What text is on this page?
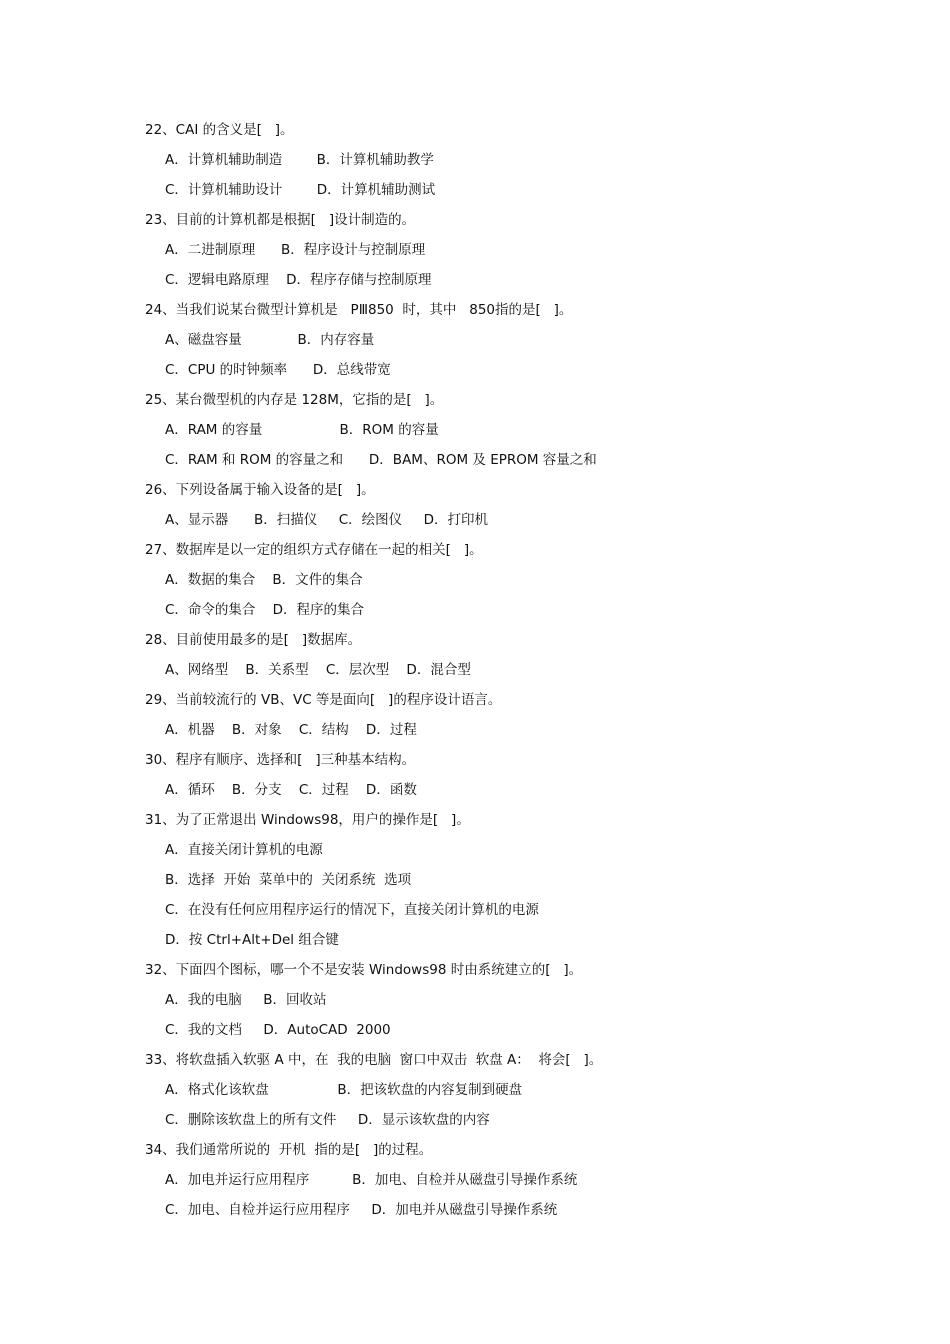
22、CAI 的含义是[   ]。
A．计算机辅助制造        B．计算机辅助教学
C．计算机辅助设计        D．计算机辅助测试
23、目前的计算机都是根据[   ]设计制造的。
A．二进制原理      B．程序设计与控制原理
C．逻辑电路原理    D．程序存储与控制原理
24、当我们说某台微型计算机是   PⅢ850  时，其中   850指的是[   ]。
A、磁盘容量             B．内存容量
C．CPU 的时钟频率      D．总线带宽
25、某台微型机的内存是 128M，它指的是[   ]。
A．RAM 的容量                  B．ROM 的容量
C．RAM 和 ROM 的容量之和      D．BAM、ROM 及 EPROM 容量之和
26、下列设备属于输入设备的是[   ]。
A、显示器      B．扫描仪     C．绘图仪     D．打印机
27、数据库是以一定的组织方式存储在一起的相关[   ]。
A．数据的集合    B．文件的集合
C．命令的集合    D．程序的集合
28、目前使用最多的是[   ]数据库。
A、网络型    B．关系型    C．层次型    D．混合型
29、当前较流行的 VB、VC 等是面向[   ]的程序设计语言。
A．机器    B．对象    C．结构    D．过程
30、程序有顺序、选择和[   ]三种基本结构。
A．循环    B．分支    C．过程    D．函数
31、为了正常退出 Windows98，用户的操作是[   ]。
A．直接关闭计算机的电源
B．选择  开始  菜单中的  关闭系统  选项
C．在没有任何应用程序运行的情况下，直接关闭计算机的电源
D．按 Ctrl+Alt+Del 组合键
32、下面四个图标，哪一个不是安装 Windows98 时由系统建立的[   ]。
A．我的电脑     B．回收站
C．我的文档     D．AutoCAD  2000
33、将软盘插入软驱 A 中，在  我的电脑  窗口中双击  软盘 A：  将会[   ]。
A．格式化该软盘                B．把该软盘的内容复制到硬盘
C．删除该软盘上的所有文件     D．显示该软盘的内容
34、我们通常所说的  开机  指的是[   ]的过程。
A．加电并运行应用程序          B．加电、自检并从磁盘引导操作系统
C．加电、自检并运行应用程序     D．加电并从磁盘引导操作系统
